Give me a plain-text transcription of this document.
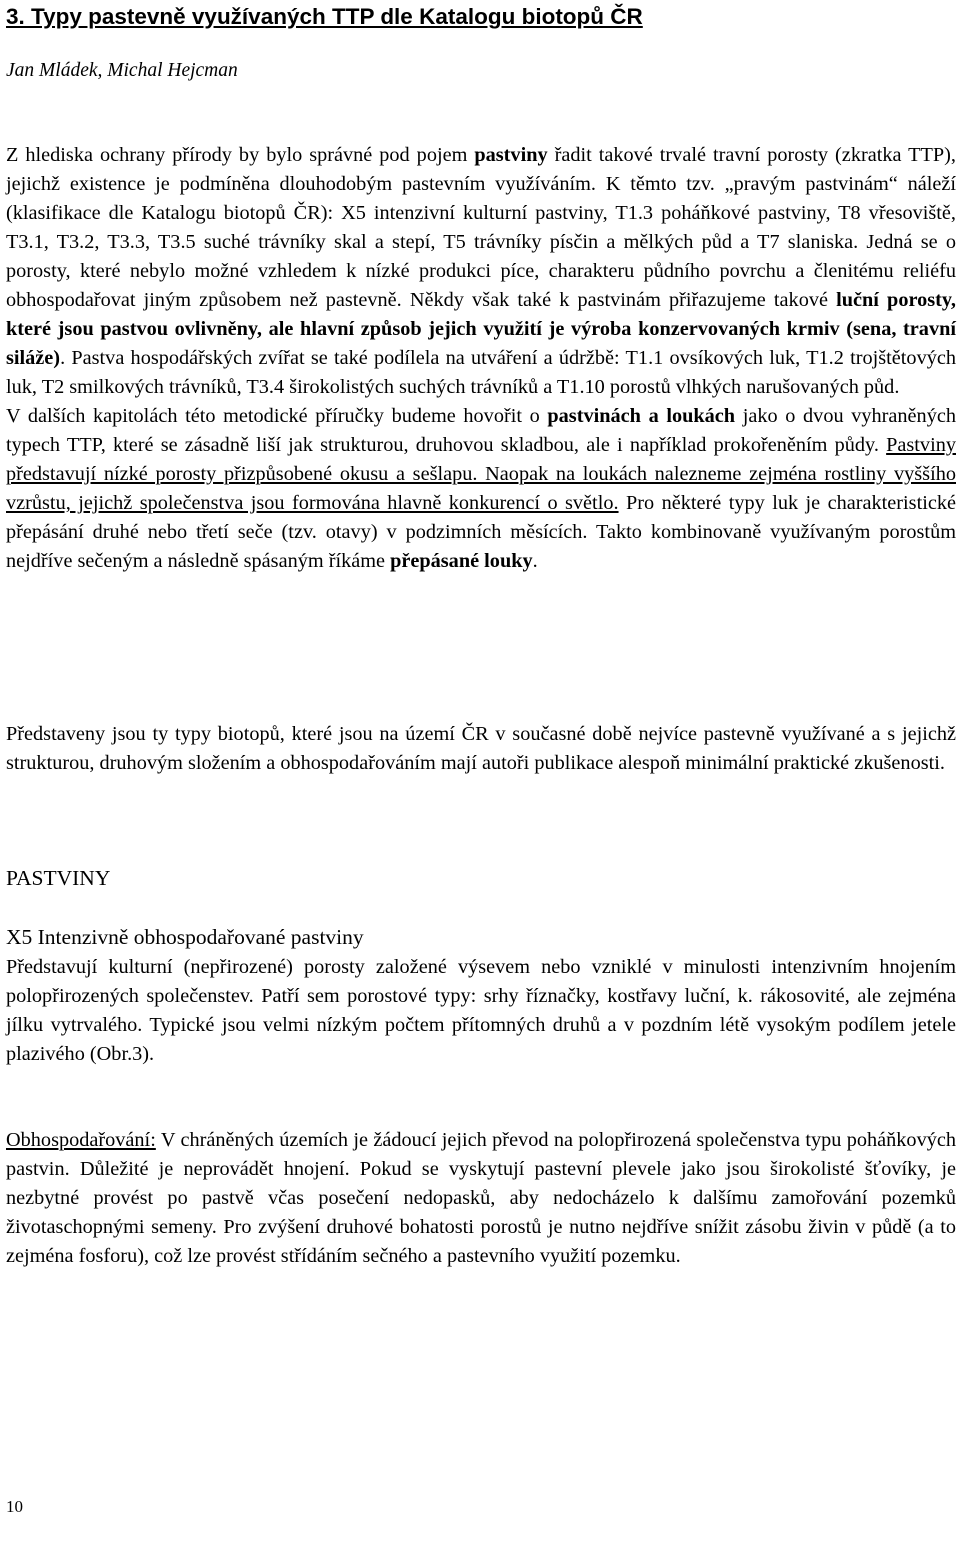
3. Typy pastevně využívaných TTP dle Katalogu biotopů ČR
Jan Mládek, Michal Hejcman

Z hlediska ochrany přírody by bylo správné pod pojem pastviny řadit takové trvalé travní porosty (zkratka TTP), jejichž existence je podmíněna dlouhodobým pastevním využíváním. K těmto tzv. „pravým pastvinám“ náleží (klasifikace dle Katalogu biotopů ČR): X5 intenzivní kulturní pastviny, T1.3 poháňkové pastviny, T8 vřesoviště, T3.1, T3.2, T3.3, T3.5 suché trávníky skal a stepí, T5 trávníky písčin a mělkých půd a T7 slaniska. Jedná se o porosty, které nebylo možné vzhledem k nízké produkci píce, charakteru půdního povrchu a členitému reliéfu obhospodařovat jiným způsobem než pastevně. Někdy však také k pastvinám přiřazujeme takové luční porosty, které jsou pastvou ovlivněny, ale hlavní způsob jejich využití je výroba konzervovaných krmiv (sena, travní siláže). Pastva hospodářských zvířat se také podílela na utváření a údržbě: T1.1 ovsíkových luk, T1.2 trojštětových luk, T2 smilkových trávníků, T3.4 širokolistých suchých trávníků a T1.10 porostů vlhkých narušovaných půd.
V dalších kapitolách této metodické příručky budeme hovořit o pastvinách a loukách jako o dvou vyhraněných typech TTP, které se zásadně liší jak strukturou, druhovou skladbou, ale i například prokořeněním půdy. Pastviny představují nízké porosty přizpůsobené okusu a sešlapu. Naopak na loukách nalezneme zejména rostliny vyššího vzrůstu, jejichž společenstva jsou formována hlavně konkurencí o světlo. Pro některé typy luk je charakteristické přepásání druhé nebo třetí seče (tzv. otavy) v podzimních měsících. Takto kombinovaně využívaným porostům nejdříve sečeným a následně spásaným říkáme přepásané louky.

Představeny jsou ty typy biotopů, které jsou na území ČR v současné době nejvíce pastevně využívané a s jejichž strukturou, druhovým složením a obhospodařováním mají autoři publikace alespoň minimální praktické zkušenosti.

PASTVINY
X5 Intenzivně obhospodařované pastviny

Představují kulturní (nepřirozené) porosty založené výsevem nebo vzniklé v minulosti intenzivním hnojením polopřirozených společenstev. Patří sem porostové typy: srhy říznačky, kostřavy luční, k. rákosovité, ale zejména jílku vytrvalého. Typické jsou velmi nízkým počtem přítomných druhů a v pozdním létě vysokým podílem jetele plazivého (Obr.3).

Obhospodařování: V chráněných územích je žádoucí jejich převod na polopřirozená společenstva typu poháňkových pastvin. Důležité je neprovádět hnojení. Pokud se vyskytují pastevní plevele jako jsou širokolisté šťovíky, je nezbytné provést po pastvě včas posečení nedopasků, aby nedocházelo k dalšímu zamořování pozemků životaschopnými semeny. Pro zvýšení druhové bohatosti porostů je nutno nejdříve snížit zásobu živin v půdě (a to zejména fosforu), což lze provést střídáním sečného a pastevního využití pozemku.

10
